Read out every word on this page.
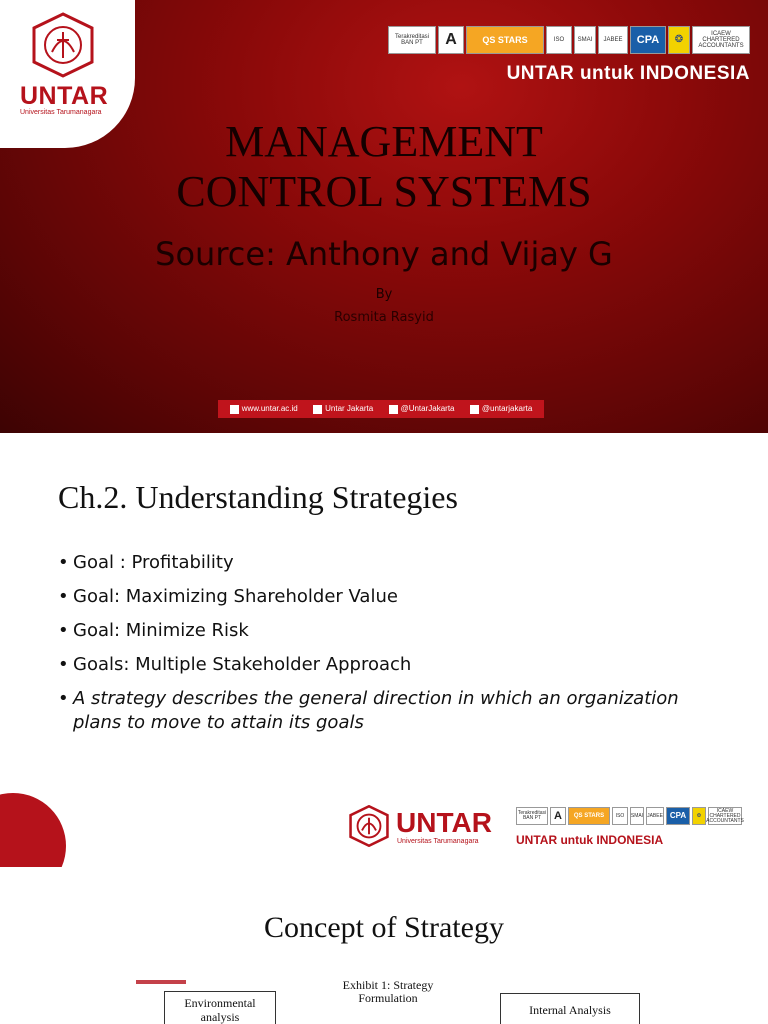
UNTAR
Universitas Tarumanagara
Terakreditasi BAN PT	A	QS STARS	ISO	SMAI	JABEE	CPA	❂	ICAEW CHARTERED ACCOUNTANTS
UNTAR untuk INDONESIA
MANAGEMENT
CONTROL SYSTEMS
Source: Anthony and Vijay G
By
Rosmita Rasyid
www.untar.ac.id	Untar Jakarta	@UntarJakarta	@untarjakarta
Ch.2. Understanding Strategies
• Goal : Profitability
• Goal: Maximizing Shareholder Value
• Goal: Minimize Risk
• Goals: Multiple Stakeholder Approach
• A strategy describes the general direction in which an organization plans to move to attain its goals
UNTAR
Universitas Tarumanagara
Terakreditasi BAN PT	A	QS STARS	ISO	SMAI JABEE CPA	❂
ICAEW CHARTERED ACCOUNTANTS
UNTAR untuk INDONESIA
Concept of Strategy
Environmental analysis
Exhibit 1: Strategy Formulation
Internal Analysis
